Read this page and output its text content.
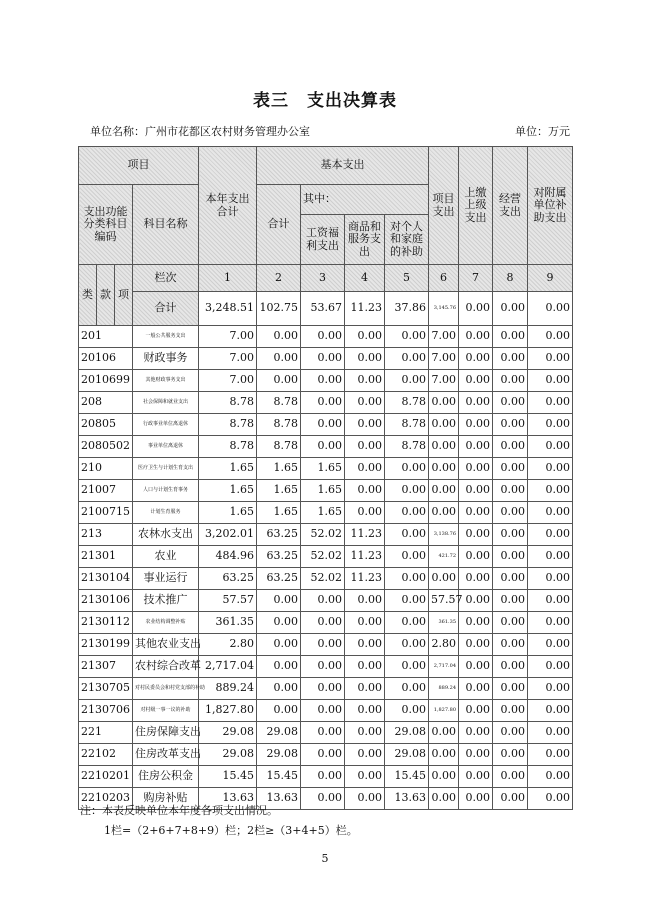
表三　支出决算表
单位名称：广州市花都区农村财务管理办公室	单位：万元
项目				本年支出合计	基本支出				项目支出	上缴上级支出	经营支出	对附属单位补助支出
支出功能分类科目编码			科目名称		合计	其中：						
						工资福利支出	商品和服务支出	对个人和家庭的补助				
类	款	项	栏次	1	2	3	4	5	6	7	8	9
			合计	3,248.51	102.75	53.67	11.23	37.86	3,145.76	0.00	0.00	0.00
201			一般公共服务支出	7.00	0.00	0.00	0.00	0.00	7.00	0.00	0.00	0.00
20106			财政事务	7.00	0.00	0.00	0.00	0.00	7.00	0.00	0.00	0.00
2010699			其他财政事务支出	7.00	0.00	0.00	0.00	0.00	7.00	0.00	0.00	0.00
208			社会保障和就业支出	8.78	8.78	0.00	0.00	8.78	0.00	0.00	0.00	0.00
20805			行政事业单位离退休	8.78	8.78	0.00	0.00	8.78	0.00	0.00	0.00	0.00
2080502			事业单位离退休	8.78	8.78	0.00	0.00	8.78	0.00	0.00	0.00	0.00
210			医疗卫生与计划生育支出	1.65	1.65	1.65	0.00	0.00	0.00	0.00	0.00	0.00
21007			人口与计划生育事务	1.65	1.65	1.65	0.00	0.00	0.00	0.00	0.00	0.00
2100715			计划生育服务	1.65	1.65	1.65	0.00	0.00	0.00	0.00	0.00	0.00
213			农林水支出	3,202.01	63.25	52.02	11.23	0.00	3,138.76	0.00	0.00	0.00
21301			农业	484.96	63.25	52.02	11.23	0.00	421.72	0.00	0.00	0.00
2130104			事业运行	63.25	63.25	52.02	11.23	0.00	0.00	0.00	0.00	0.00
2130106			技术推广	57.57	0.00	0.00	0.00	0.00	57.57	0.00	0.00	0.00
2130112			农业结构调整补贴	361.35	0.00	0.00	0.00	0.00	361.35	0.00	0.00	0.00
2130199			其他农业支出	2.80	0.00	0.00	0.00	0.00	2.80	0.00	0.00	0.00
21307			农村综合改革	2,717.04	0.00	0.00	0.00	0.00	2,717.04	0.00	0.00	0.00
2130705			对村民委员会和村党支部的补助	889.24	0.00	0.00	0.00	0.00	889.24	0.00	0.00	0.00
2130706			对村级一事一议的补助	1,827.80	0.00	0.00	0.00	0.00	1,827.80	0.00	0.00	0.00
221			住房保障支出	29.08	29.08	0.00	0.00	29.08	0.00	0.00	0.00	0.00
22102			住房改革支出	29.08	29.08	0.00	0.00	29.08	0.00	0.00	0.00	0.00
2210201			住房公积金	15.45	15.45	0.00	0.00	15.45	0.00	0.00	0.00	0.00
2210203			购房补贴	13.63	13.63	0.00	0.00	13.63	0.00	0.00	0.00	0.00
注：本表反映单位本年度各项支出情况。
1栏=（2+6+7+8+9）栏；2栏≥（3+4+5）栏。
5
